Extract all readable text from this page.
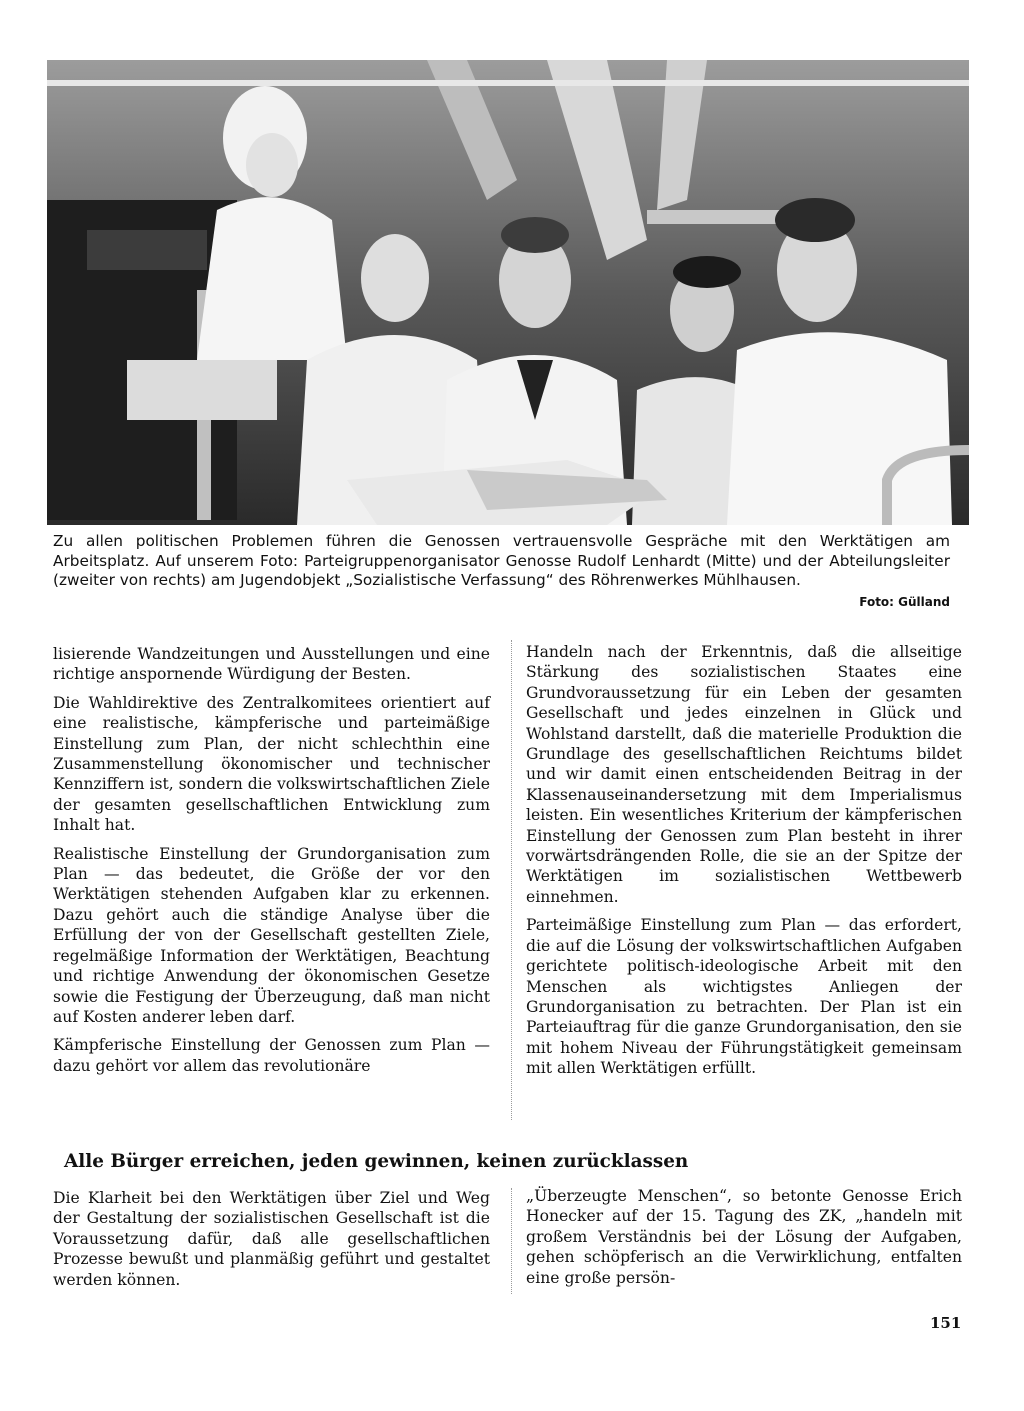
Zu allen politischen Problemen führen die Genossen vertrauensvolle Gespräche mit den Werktätigen am Arbeitsplatz. Auf unserem Foto: Parteigruppenorganisator Genosse Rudolf Lenhardt (Mitte) und der Abteilungsleiter (zweiter von rechts) am Jugendobjekt „Sozialistische Verfassung“ des Röhrenwerkes Mühlhausen.

Foto: Gülland

lisierende Wandzeitungen und Ausstellungen und eine richtige anspornende Würdigung der Besten.

Die Wahldirektive des Zentralkomitees orientiert auf eine realistische, kämpferische und parteimäßige Einstellung zum Plan, der nicht schlechthin eine Zusammenstellung ökonomischer und technischer Kennziffern ist, sondern die volkswirtschaftlichen Ziele der gesamten gesellschaftlichen Entwicklung zum Inhalt hat.

Realistische Einstellung der Grundorganisation zum Plan — das bedeutet, die Größe der vor den Werktätigen stehenden Aufgaben klar zu erkennen. Dazu gehört auch die ständige Analyse über die Erfüllung der von der Gesellschaft gestellten Ziele, regelmäßige Information der Werktätigen, Beachtung und richtige Anwendung der ökonomischen Gesetze sowie die Festigung der Überzeugung, daß man nicht auf Kosten anderer leben darf.

Kämpferische Einstellung der Genossen zum Plan — dazu gehört vor allem das revolutionäre

Handeln nach der Erkenntnis, daß die allseitige Stärkung des sozialistischen Staates eine Grundvoraussetzung für ein Leben der gesamten Gesellschaft und jedes einzelnen in Glück und Wohlstand darstellt, daß die materielle Produktion die Grundlage des gesellschaftlichen Reichtums bildet und wir damit einen entscheidenden Beitrag in der Klassenauseinandersetzung mit dem Imperialismus leisten. Ein wesentliches Kriterium der kämpferischen Einstellung der Genossen zum Plan besteht in ihrer vorwärtsdrängenden Rolle, die sie an der Spitze der Werktätigen im sozialistischen Wettbewerb einnehmen.

Parteimäßige Einstellung zum Plan — das erfordert, die auf die Lösung der volkswirtschaftlichen Aufgaben gerichtete politisch-ideologische Arbeit mit den Menschen als wichtigstes Anliegen der Grundorganisation zu betrachten. Der Plan ist ein Parteiauftrag für die ganze Grundorganisation, den sie mit hohem Niveau der Führungstätigkeit gemeinsam mit allen Werktätigen erfüllt.

Alle Bürger erreichen, jeden gewinnen, keinen zurücklassen

Die Klarheit bei den Werktätigen über Ziel und Weg der Gestaltung der sozialistischen Gesellschaft ist die Voraussetzung dafür, daß alle gesellschaftlichen Prozesse bewußt und planmäßig geführt und gestaltet werden können.

„Überzeugte Menschen“, so betonte Genosse Erich Honecker auf der 15. Tagung des ZK, „handeln mit großem Verständnis bei der Lösung der Aufgaben, gehen schöpferisch an die Verwirklichung, entfalten eine große persön-

151
